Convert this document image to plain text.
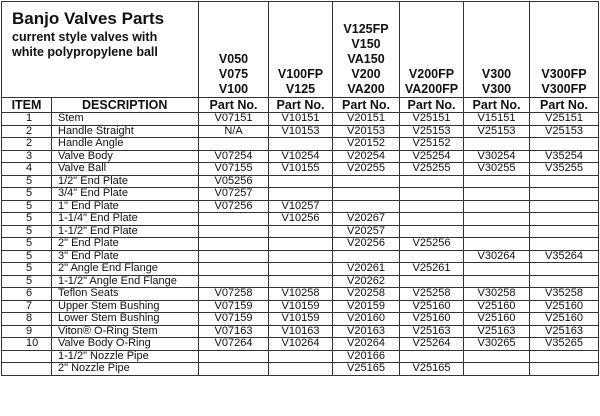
Banjo Valves Parts
current style valves with
white polypropylene ball		V050
V075
V100	V100FP
V125	V125FP
V150
VA150
V200
VA200	V200FP
VA200FP	V300
V300	V300FP
V300FP

ITEM	DESCRIPTION	Part No.	Part No.	Part No.	Part No.	Part No.	Part No.
1	Stem	V07151	V10151	V20151	V25151	V15151	V25151
2	Handle Straight	N/A	V10153	V20153	V25153	V25153	V25153
2	Handle Angle			V20152	V25152		
3	Valve Body	V07254	V10254	V20254	V25254	V30254	V35254
4	Valve Ball	V07155	V10155	V20255	V25255	V30255	V35255
5	1/2" End Plate	V05256					
5	3/4" End Plate	V07257					
5	1" End Plate	V07256	V10257				
5	1-1/4" End Plate		V10256	V20267			
5	1-1/2" End Plate			V20257			
5	2" End Plate			V20256	V25256		
5	3" End Plate					V30264	V35264
5	2" Angle End Flange			V20261	V25261		
5	1-1/2" Angle End Flange			V20262			
6	Teflon Seats	V07258	V10258	V20258	V25258	V30258	V35258
7	Upper Stem Bushing	V07159	V10159	V20159	V25160	V25160	V25160
8	Lower Stem Bushing	V07159	V10159	V20160	V25160	V25160	V25160
9	Viton® O-Ring Stem	V07163	V10163	V20163	V25163	V25163	V25163
10	Valve Body O-Ring	V07264	V10264	V20264	V25264	V30265	V35265
	1-1/2" Nozzle Pipe			V20166			
	2" Nozzle Pipe			V25165	V25165		
